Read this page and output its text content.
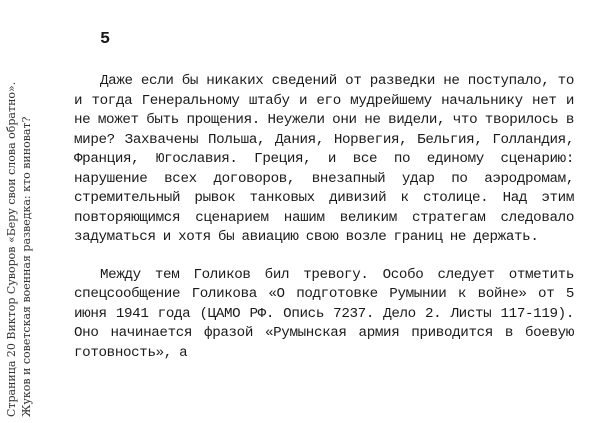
Страница 20 Виктор Суворов «Беру свои слова обратно». Жуков и советская военная разведка: кто виноват?
5

Даже если бы никаких сведений от разведки не поступало, то и тогда Генеральному штабу и его мудрейшему начальнику нет и не может быть прощения. Неужели они не видели, что творилось в мире? Захвачены Польша, Дания, Норвегия, Бельгия, Голландия, Франция, Югославия. Греция, и все по единому сценарию: нарушение всех договоров, внезапный удар по аэродромам, стремительный рывок танковых дивизий к столице. Над этим повторяющимся сценарием нашим великим стратегам следовало задуматься и хотя бы авиацию свою возле границ не держать.

Между тем Голиков бил тревогу. Особо следует отметить спецсообщение Голикова «О подготовке Румынии к войне» от 5 июня 1941 года (ЦАМО РФ. Опись 7237. Дело 2. Листы 117-119). Оно начинается фразой «Румынская армия приводится в боевую готовность», а
